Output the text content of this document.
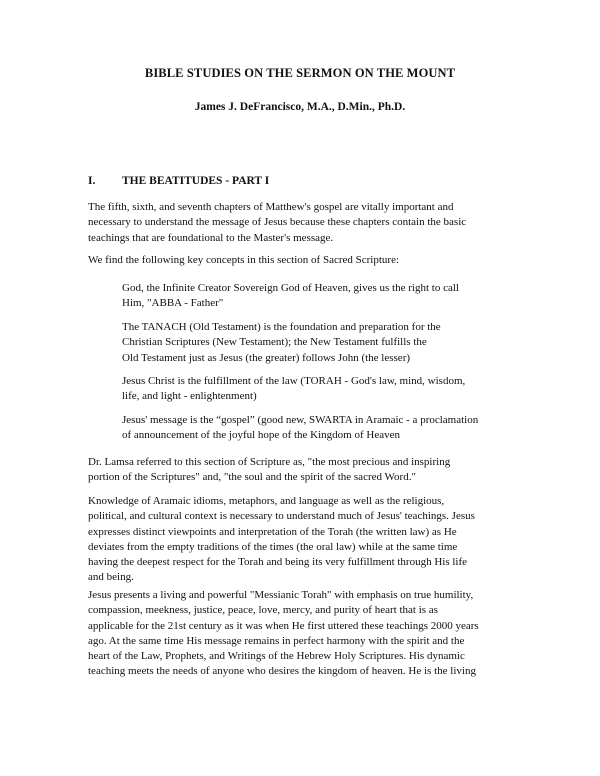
BIBLE STUDIES ON THE SERMON ON THE MOUNT
James J. DeFrancisco, M.A., D.Min., Ph.D.
I. THE BEATITUDES - PART I
The fifth, sixth, and seventh chapters of Matthew's gospel are vitally important and
necessary to understand the message of Jesus because these chapters contain the basic
teachings that are foundational to the Master's message.
We find the following key concepts in this section of Sacred Scripture:
God, the Infinite Creator Sovereign God of Heaven, gives us the right to call
Him, "ABBA - Father"
The TANACH (Old Testament) is the foundation and preparation for the
Christian Scriptures (New Testament); the New Testament fulfills the
Old Testament just as Jesus (the greater) follows John (the lesser)
Jesus Christ is the fulfillment of the law (TORAH - God's law, mind, wisdom,
life, and light - enlightenment)
Jesus' message is the “gospel” (good new, SWARTA in Aramaic - a proclamation
of announcement of the joyful hope of the Kingdom of Heaven
Dr. Lamsa referred to this section of Scripture as, "the most precious and inspiring
portion of the Scriptures" and, "the soul and the spirit of the sacred Word."
Knowledge of Aramaic idioms, metaphors, and language as well as the religious,
political, and cultural context is necessary to understand much of Jesus' teachings. Jesus
expresses distinct viewpoints and interpretation of the Torah (the written law) as He
deviates from the empty traditions of the times (the oral law) while at the same time
having the deepest respect for the Torah and being its very fulfillment through His life
and being.
Jesus presents a living and powerful "Messianic Torah" with emphasis on true humility,
compassion, meekness, justice, peace, love, mercy, and purity of heart that is as
applicable for the 21st century as it was when He first uttered these teachings 2000 years
ago. At the same time His message remains in perfect harmony with the spirit and the
heart of the Law, Prophets, and Writings of the Hebrew Holy Scriptures. His dynamic
teaching meets the needs of anyone who desires the kingdom of heaven. He is the living
